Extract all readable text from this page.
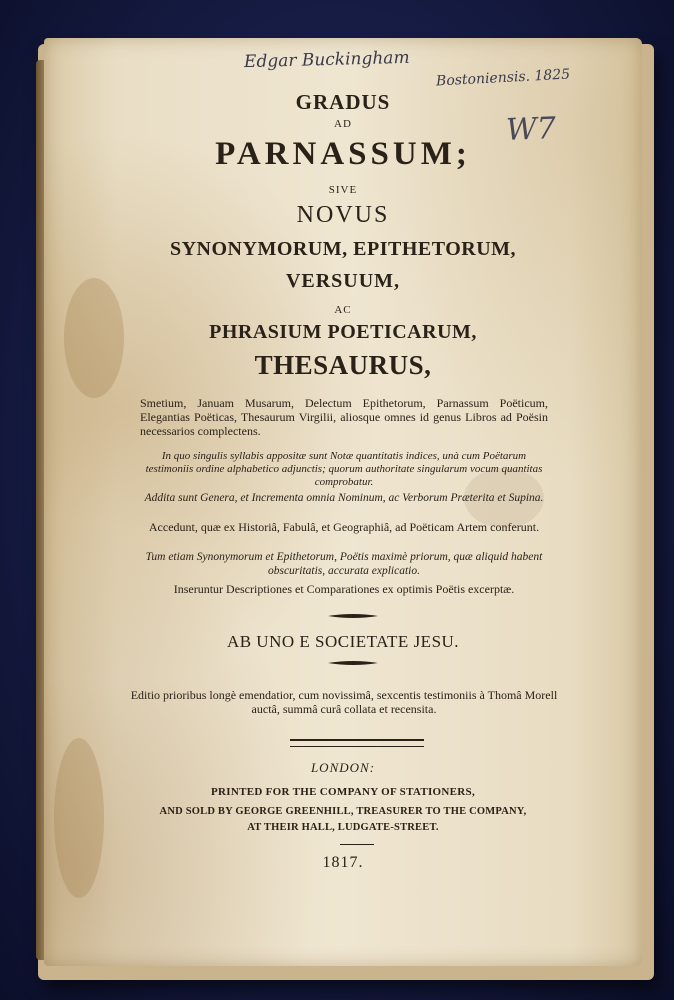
Edgar Buckingham
Bostoniensis. 1825
W7
GRADUS
AD
PARNASSUM;
SIVE
NOVUS
SYNONYMORUM, EPITHETORUM,
VERSUUM,
AC
PHRASIUM POETICARUM,
THESAURUS,
Smetium, Januam Musarum, Delectum Epithetorum, Parnassum Poëticum, Elegantias Poëticas, Thesaurum Virgilii, aliosque omnes id genus Libros ad Poësin necessarios complectens.
In quo singulis syllabis appositæ sunt Notæ quantitatis indices, unà cum Poëtarum testimoniis ordine alphabetico adjunctis; quorum authoritate singularum vocum quantitas comprobatur.
Addita sunt Genera, et Incrementa omnia Nominum, ac Verborum Præterita et Supina.
Accedunt, quæ ex Historiâ, Fabulâ, et Geographiâ, ad Poëticam Artem conferunt.
Tum etiam Synonymorum et Epithetorum, Poëtis maximè priorum, quæ aliquid habent obscuritatis, accurata explicatio.
Inseruntur Descriptiones et Comparationes ex optimis Poëtis excerptæ.
AB UNO E SOCIETATE JESU.
Editio prioribus longè emendatior, cum novissimâ, sexcentis testimoniis à Thomâ Morell auctâ, summâ curâ collata et recensita.
LONDON:
PRINTED FOR THE COMPANY OF STATIONERS,
AND SOLD BY GEORGE GREENHILL, TREASURER TO THE COMPANY,
AT THEIR HALL, LUDGATE-STREET.
1817.
